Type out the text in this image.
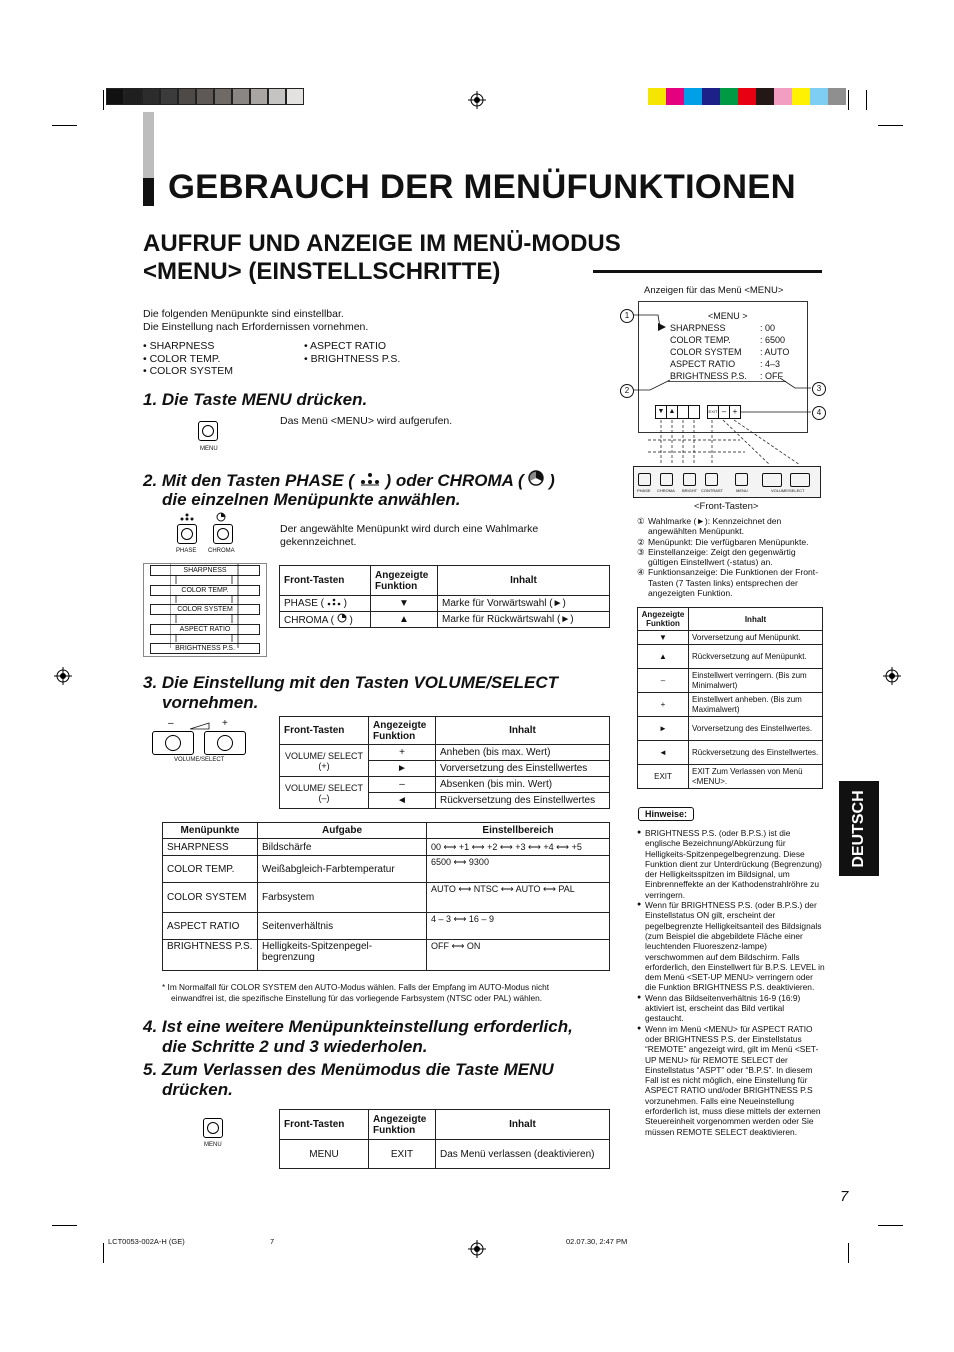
GEBRAUCH DER MENÜFUNKTIONEN
AUFRUF UND ANZEIGE IM MENÜ-MODUS
<MENU> (EINSTELLSCHRITTE)
Die folgenden Menüpunkte sind einstellbar.
Die Einstellung nach Erfordernissen vornehmen.
• SHARPNESS
• COLOR TEMP.
• COLOR SYSTEM
• ASPECT RATIO
• BRIGHTNESS P.S.
1. Die Taste MENU drücken.
MENU
Das Menü <MENU> wird aufgerufen.
2. Mit den Tasten PHASE ( ) oder CHROMA ( )
die einzelnen Menüpunkte anwählen.
PHASE CHROMA
SHARPNESS
COLOR TEMP.
COLOR SYSTEM
ASPECT RATIO
BRIGHTNESS P.S.
Der angewählte Menüpunkt wird durch eine Wahlmarke gekennzeichnet.
Front-Tasten	Angezeigte Funktion	Inhalt
PHASE (  )	▼	Marke für Vorwärtswahl (►)
CHROMA (  )	▲	Marke für Rückwärtswahl (►)
3. Die Einstellung mit den Tasten VOLUME/SELECT
vornehmen.
–	+
VOLUME/SELECT
Front-Tasten	Angezeigte Funktion	Inhalt
VOLUME/ SELECT (+)	+	Anheben (bis max. Wert)
	►	Vorversetzung des Einstellwertes
VOLUME/ SELECT (–)	–	Absenken (bis min. Wert)
	◄	Rückversetzung des Einstellwertes
Menüpunkte	Aufgabe	Einstellbereich
SHARPNESS	Bildschärfe	00 ⟷ +1 ⟷ +2 ⟷ +3 ⟷ +4 ⟷ +5
COLOR TEMP.	Weißabgleich-Farbtemperatur	6500 ⟷ 9300
COLOR SYSTEM	Farbsystem	AUTO ⟷ NTSC ⟷ AUTO ⟷ PAL
ASPECT RATIO	Seitenverhältnis	4 – 3 ⟷ 16 – 9
BRIGHTNESS P.S.	Helligkeits-Spitzenpegel-begrenzung	OFF ⟷ ON
* Im Normalfall für COLOR SYSTEM den AUTO-Modus wählen. Falls der Empfang im AUTO-Modus nicht
einwandfrei ist, die spezifische Einstellung für das vorliegende Farbsystem (NTSC oder PAL) wählen.
4. Ist eine weitere Menüpunkteinstellung erforderlich,
die Schritte 2 und 3 wiederholen.
5. Zum Verlassen des Menümodus die Taste MENU
drücken.
MENU
Front-Tasten	Angezeigte Funktion	Inhalt
MENU	EXIT	Das Menü verlassen (deaktivieren)
Anzeigen für das Menü <MENU>
<MENU >
SHARPNESS
COLOR TEMP.
COLOR SYSTEM
ASPECT RATIO
BRIGHTNESS P.S.
: 00
: 6500
: AUTO
: 4–3
: OFF
▼ ▲	EXIT – +
1
2	3
4
PHASE CHROMA BRIGHT CONTRAST	MENU	VOLUME/SELECT
<Front-Tasten>
① Wahlmarke (►): Kennzeichnet den angewählten Menüpunkt.
② Menüpunkt: Die verfügbaren Menüpunkte.
③ Einstellanzeige: Zeigt den gegenwärtig gültigen Einstellwert (-status) an.
④ Funktionsanzeige: Die Funktionen der Front-Tasten (7 Tasten links) entsprechen der angezeigten Funktion.
Angezeigte Funktion	Inhalt
▼	Vorversetzung auf Menüpunkt.
▲	Rückversetzung auf Menüpunkt.
–	Einstellwert verringern. (Bis zum Minimalwert)
+	Einstellwert anheben. (Bis zum Maximalwert)
►	Vorversetzung des Einstellwertes.
◄	Rückversetzung des Einstellwertes.
EXIT	EXIT Zum Verlassen von Menü <MENU>.
DEUTSCH
Hinweise:
● BRIGHTNESS P.S. (oder B.P.S.) ist die englische Bezeichnung/Abkürzung für Helligkeits-Spitzenpegelbegrenzung. Diese Funktion dient zur Unterdrückung (Begrenzung) der Helligkeitsspitzen im Bildsignal, um Einbrenneffekte an der Kathodenstrahlröhre zu verringern.
● Wenn für BRIGHTNESS P.S. (oder B.P.S.) der Einstellstatus ON gilt, erscheint der pegelbegrenzte Helligkeitsanteil des Bildsignals (zum Beispiel die abgebildete Fläche einer leuchtenden Fluoreszenz-lampe) verschwommen auf dem Bildschirm. Falls erforderlich, den Einstellwert für B.P.S. LEVEL in dem Menü <SET-UP MENU> verringern oder die Funktion BRIGHTNESS P.S. deaktivieren.
● Wenn das Bildseitenverhältnis 16-9 (16:9) aktiviert ist, erscheint das Bild vertikal gestaucht.
● Wenn im Menü <MENU> für ASPECT RATIO oder BRIGHTNESS P.S. der Einstellstatus “REMOTE” angezeigt wird, gilt im Menü <SET-UP MENU> für REMOTE SELECT der Einstellstatus “ASPT” oder “B.P.S”. In diesem Fall ist es nicht möglich, eine Einstellung für ASPECT RATIO und/oder BRIGHTNESS P.S vorzunehmen. Falls eine Neueinstellung erforderlich ist, muss diese mittels der externen Steuereinheit vorgenommen werden oder Sie müssen REMOTE SELECT deaktivieren.
7
LCT0053-002A-H (GE)	7	02.07.30, 2:47 PM
